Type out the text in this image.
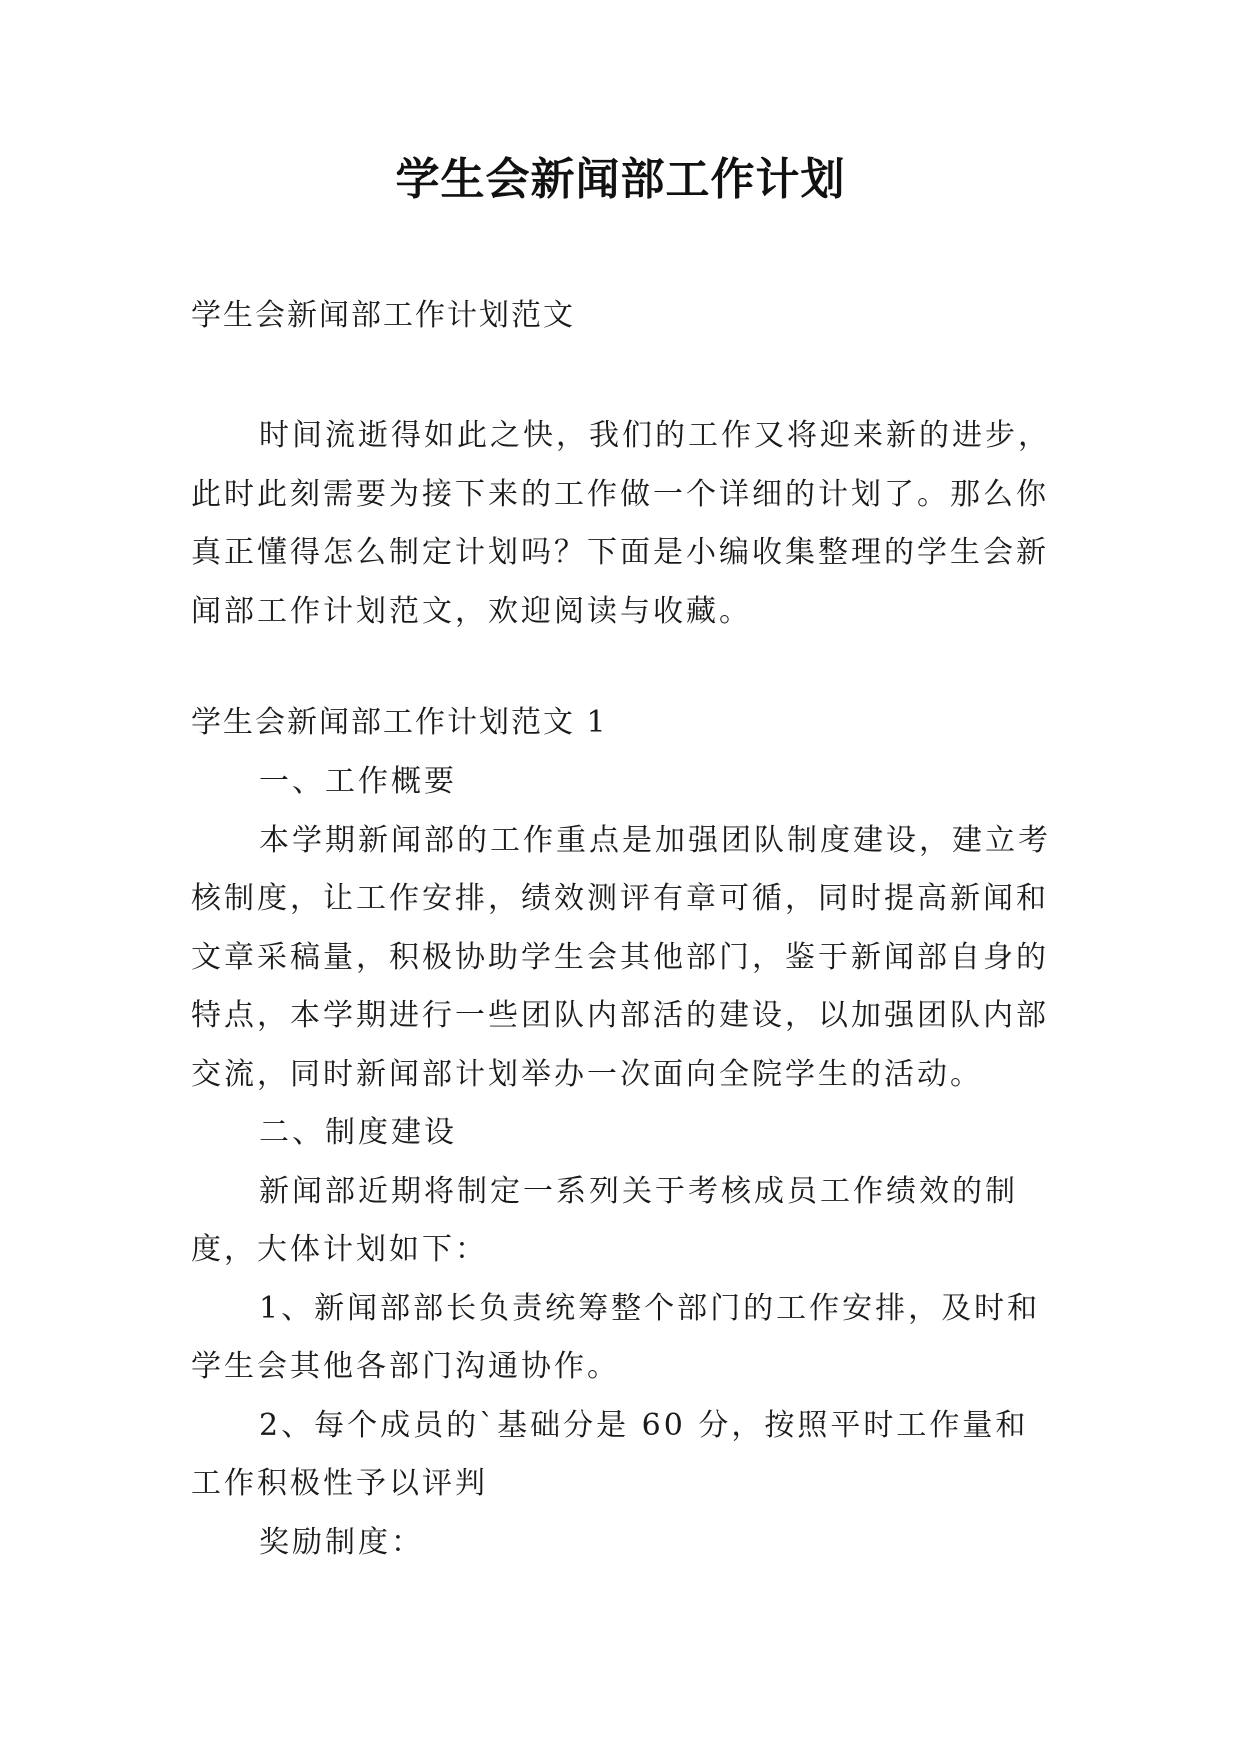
学生会新闻部工作计划
学生会新闻部工作计划范文

时间流逝得如此之快，我们的工作又将迎来新的进步，此时此刻需要为接下来的工作做一个详细的计划了。那么你真正懂得怎么制定计划吗？下面是小编收集整理的学生会新闻部工作计划范文，欢迎阅读与收藏。

学生会新闻部工作计划范文 1

一、工作概要

本学期新闻部的工作重点是加强团队制度建设，建立考核制度，让工作安排，绩效测评有章可循，同时提高新闻和文章采稿量，积极协助学生会其他部门，鉴于新闻部自身的特点，本学期进行一些团队内部活的建设，以加强团队内部交流，同时新闻部计划举办一次面向全院学生的活动。

二、制度建设

新闻部近期将制定一系列关于考核成员工作绩效的制度，大体计划如下：

1、新闻部部长负责统筹整个部门的工作安排，及时和学生会其他各部门沟通协作。

2、每个成员的`基础分是 60 分，按照平时工作量和工作积极性予以评判

奖励制度：
